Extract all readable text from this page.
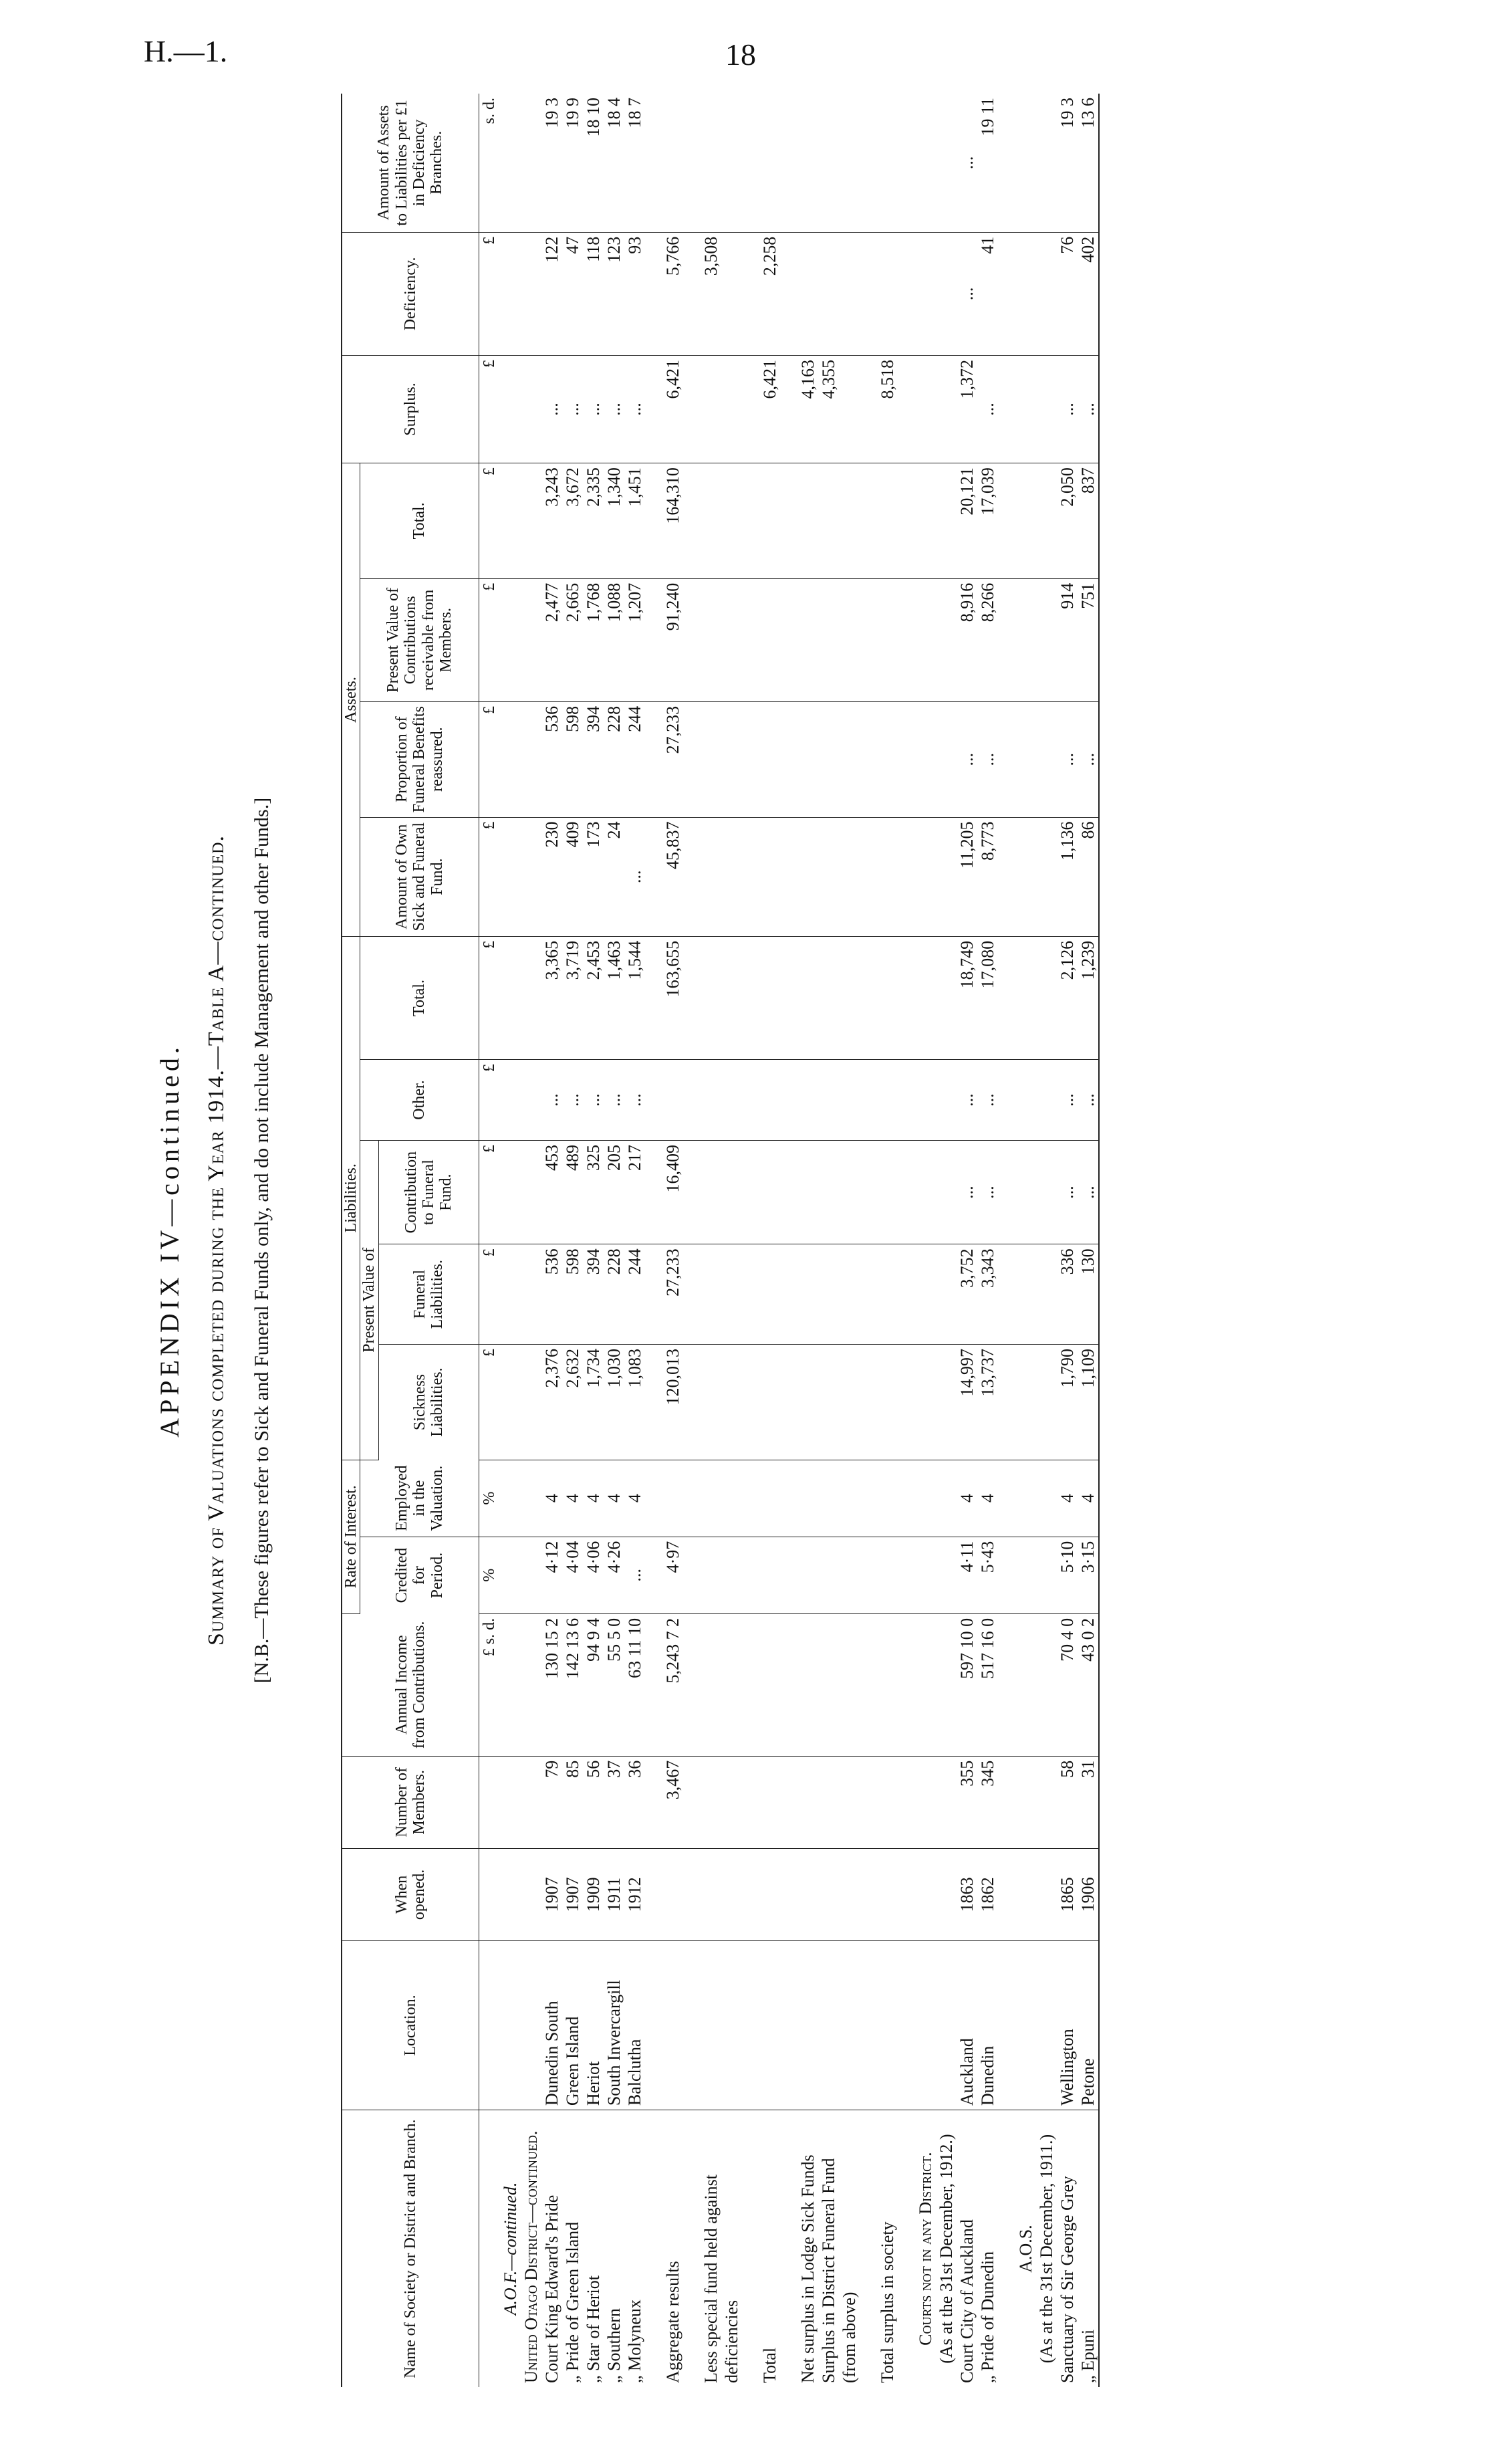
H.—1.	18
APPENDIX IV—continued. Summary of Valuations completed during the Year 1914.—Table A—continued. [N.B.—These figures refer to Sick and Funeral Funds only, and do not include Management and other Funds.]
Name of Society or District and Branch.	Location.	When opened.	Number of Members.	Annual Income from Contributions.	Rate of Interest.		Liabilities.					Assets.				Surplus.	Deficiency.	Amount of Assets to Liabilities per £1 in Deficiency Branches.
					Credited for Period.	Employed in the Valuation.	Present Value of			Other.	Total.	Amount of Own Sick and Funeral Fund.	Proportion of Funeral Benefits reassured.	Present Value of Contributions receivable from Members.	Total.			
							Sickness Liabilities.	Funeral Liabilities.	Contribution to Funeral Fund.									
				£ s. d.	%	%	£	£	£	£	£	£	£	£	£	£	£	s. d.
A.O.F.—continued.																		
United Otago District—continued.																		
Court King Edward's Pride	Dunedin South	1907	79	130 15 2	4·12	4	2,376	536	453	...	3,365	230	536	2,477	3,243	...	122	19 3
„ Pride of Green Island	Green Island	1907	85	142 13 6	4·04	4	2,632	598	489	...	3,719	409	598	2,665	3,672	...	47	19 9
„ Star of Heriot	Heriot	1909	56	94 9 4	4·06	4	1,734	394	325	...	2,453	173	394	1,768	2,335	...	118	18 10
„ Southern	South Invercargill	1911	37	55 5 0	4·26	4	1,030	228	205	...	1,463	24	228	1,088	1,340	...	123	18 4
„ Molyneux	Balclutha	1912	36	63 11 10	...	4	1,083	244	217	...	1,544	...	244	1,207	1,451	...	93	18 7

Aggregate results			3,467	5,243 7 2	4·97		120,013	27,233	16,409		163,655	45,837	27,233	91,240	164,310	6,421	5,766	

Less special fund held against deficiencies																	3,508	

Total																6,421	2,258	

Net surplus in Lodge Sick Funds																4,163		
Surplus in District Funeral Fund (from above)																4,355		

Total surplus in society																8,518		

Courts not in any District.																		
(As at the 31st December, 1912.)																		
Court City of Auckland	Auckland	1863	355	597 10 0	4·11	4	14,997	3,752	...	...	18,749	11,205	...	8,916	20,121	1,372	...	...
„ Pride of Dunedin	Dunedin	1862	345	517 16 0	5·43	4	13,737	3,343	...	...	17,080	8,773	...	8,266	17,039	...	41	19 11

A.O.S.																		
(As at the 31st December, 1911.)																		
Sanctuary of Sir George Grey	Wellington	1865	58	70 4 0	5·10	4	1,790	336	...	...	2,126	1,136	...	914	2,050	...	76	19 3
„ Epuni	Petone	1906	31	43 0 2	3·15	4	1,109	130	...	...	1,239	86	...	751	837	...	402	13 6
